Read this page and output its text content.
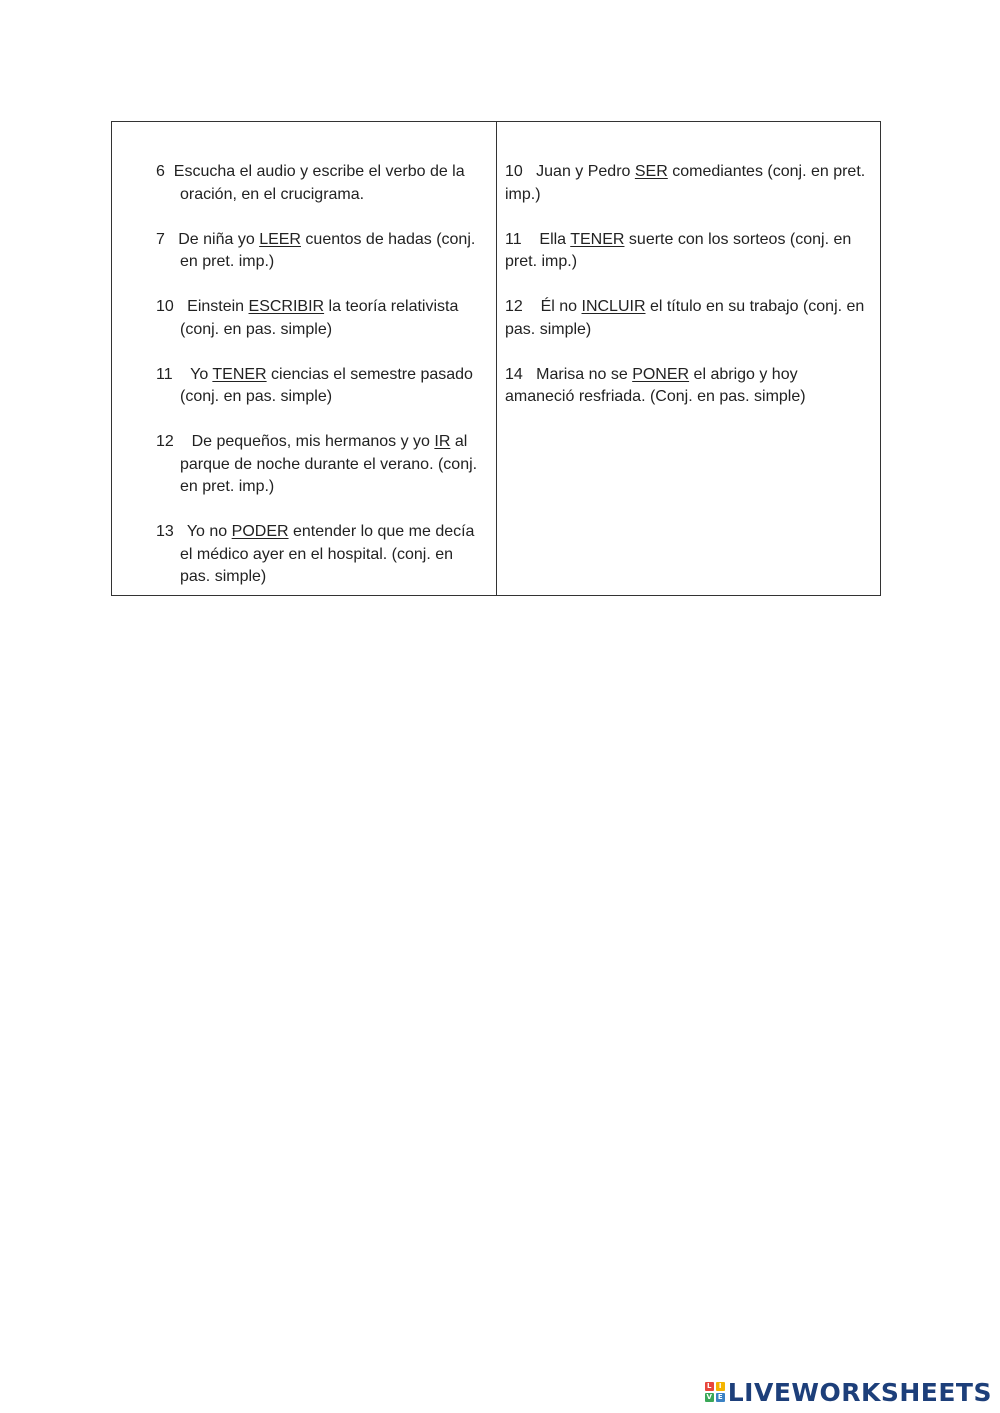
6 Escucha el audio y escribe el verbo de la oración, en el crucigrama.

7 De niña yo LEER cuentos de hadas (conj. en pret. imp.)

10 Einstein ESCRIBIR la teoría relativista (conj. en pas. simple)

11 Yo TENER ciencias el semestre pasado (conj. en pas. simple)

12 De pequeños, mis hermanos y yo IR al parque de noche durante el verano. (conj. en pret. imp.)

13 Yo no PODER entender lo que me decía el médico ayer en el hospital. (conj. en pas. simple)

10 Juan y Pedro SER comediantes (conj. en pret. imp.)

11 Ella TENER suerte con los sorteos (conj. en pret. imp.)

12 Él no INCLUIR el título en su trabajo (conj. en pas. simple)

14 Marisa no se PONER el abrigo y hoy amaneció resfriada. (Conj. en pas. simple)

L	I
V E LIVEWORKSHEETS
